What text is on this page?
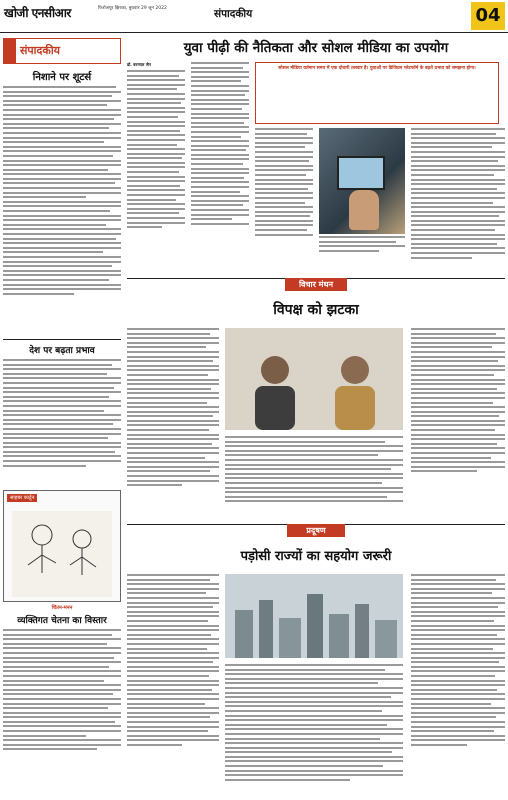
खोजी एनसीआर	फिरोजपुर झिरका, बुधवार 29 जून 2022	संपादकीय	04
संपादकीय
निशाने पर शूटर्स
देश पर बढ़ता प्रभाव
साहबर कार्टून
चिंतन-मनन
व्यक्तिगत चेतना का विस्तार
युवा पीढ़ी की नैतिकता और सोशल मीडिया का उपयोग
डॉ. वरुणाल जैन
सोशल मीडिया वर्तमान समय में एक दोधारी तलवार है। युवाओं पर डिजिटल प्लेटफॉर्म के बढ़ते प्रभाव को समझना होगा।
विचार मंथन
विपक्ष को झटका
प्रदूषण
पड़ोसी राज्यों का सहयोग जरूरी
